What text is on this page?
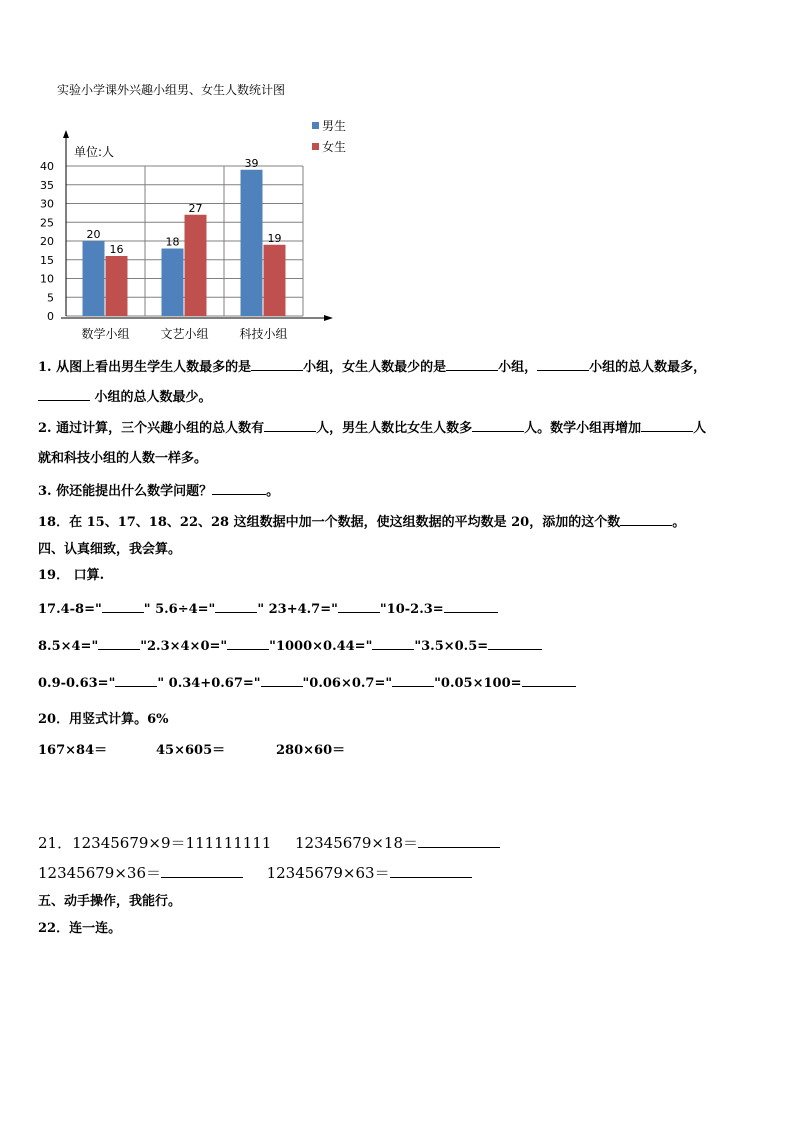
实验小学课外兴趣小组男、女生人数统计图
0
5
10
15
20
25
30
35
40
单位:人
20
16
数学小组
18
27
文艺小组
39
19
科技小组
男生
女生
1. 从图上看出男生学生人数最多的是	小组，女生人数最少的是	小组，	小组的总人数最多，
小组的总人数最少。
2. 通过计算，三个兴趣小组的总人数有	人，男生人数比女生人数多	人。数学小组再增加	人
就和科技小组的人数一样多。
3. 你还能提出什么数学问题？	。
18．在 15、17、18、22、28 这组数据中加一个数据，使这组数据的平均数是 20，添加的这个数	。
四、认真细致，我会算。
19． 口算.
17.4-8="	" 5.6÷4="	" 23+4.7="	"10-2.3=
8.5×4="	"2.3×4×0="	"1000×0.44="	"3.5×0.5=
0.9-0.63="	" 0.34+0.67="	"0.06×0.7="	"0.05×100=
20．用竖式计算。6%
167×84＝	45×605＝	280×60＝
21．12345679×9＝111111111 12345679×18＝
12345679×36＝	12345679×63＝
五、动手操作，我能行。
22．连一连。
